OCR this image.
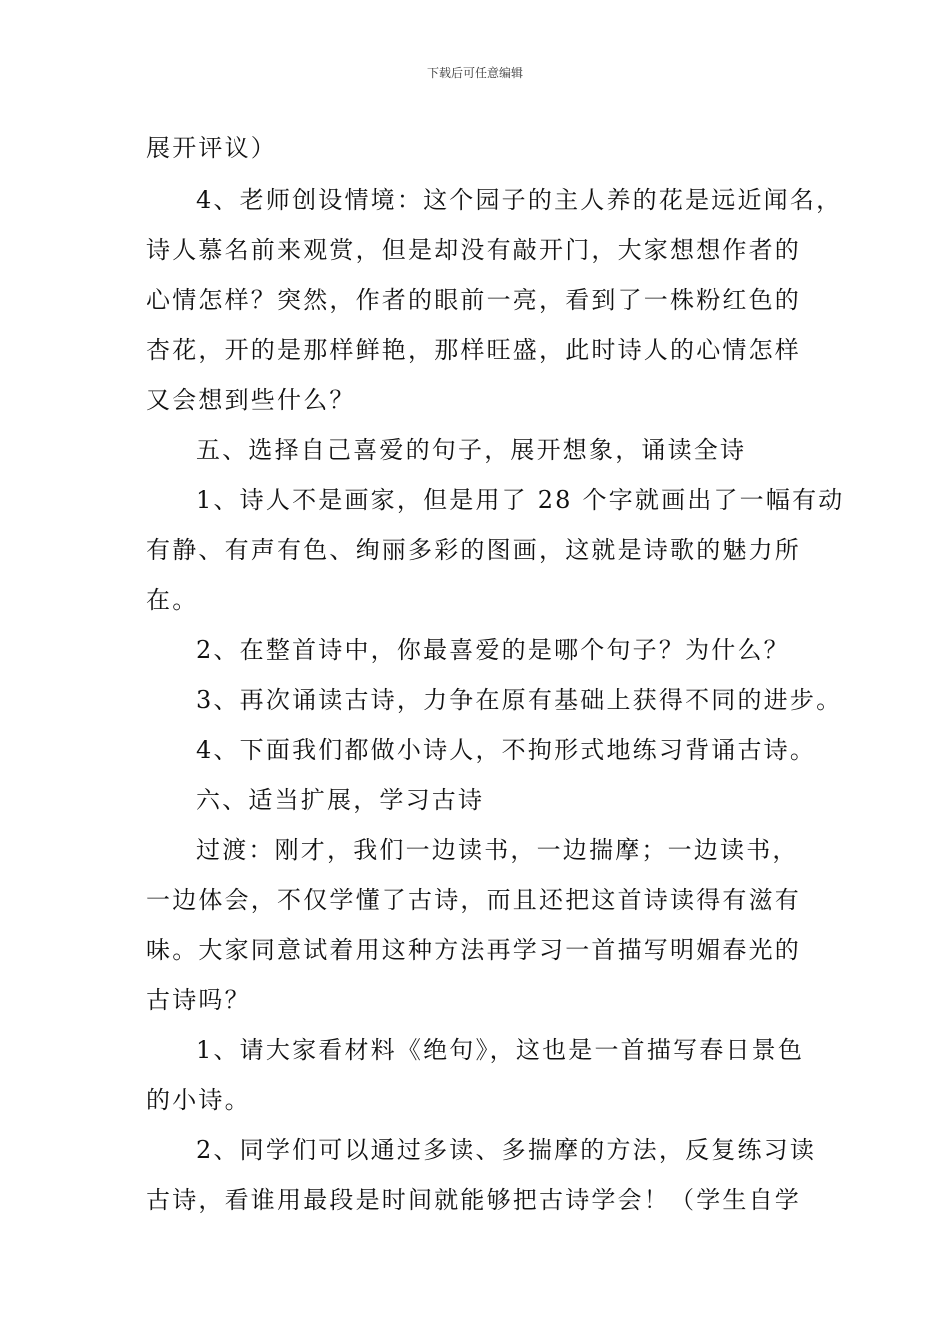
下载后可任意编辑
展开评议）
4、老师创设情境：这个园子的主人养的花是远近闻名，
诗人慕名前来观赏，但是却没有敲开门，大家想想作者的
心情怎样？突然，作者的眼前一亮，看到了一株粉红色的
杏花，开的是那样鲜艳，那样旺盛，此时诗人的心情怎样
又会想到些什么？
五、选择自己喜爱的句子，展开想象，诵读全诗
1、诗人不是画家，但是用了 28 个字就画出了一幅有动
有静、有声有色、绚丽多彩的图画，这就是诗歌的魅力所
在。
2、在整首诗中，你最喜爱的是哪个句子？为什么？
3、再次诵读古诗，力争在原有基础上获得不同的进步。
4、下面我们都做小诗人，不拘形式地练习背诵古诗。
六、适当扩展，学习古诗
过渡：刚才，我们一边读书，一边揣摩；一边读书，
一边体会，不仅学懂了古诗，而且还把这首诗读得有滋有
味。大家同意试着用这种方法再学习一首描写明媚春光的
古诗吗？
1、请大家看材料《绝句》，这也是一首描写春日景色
的小诗。
2、同学们可以通过多读、多揣摩的方法，反复练习读
古诗，看谁用最段是时间就能够把古诗学会！（学生自学
